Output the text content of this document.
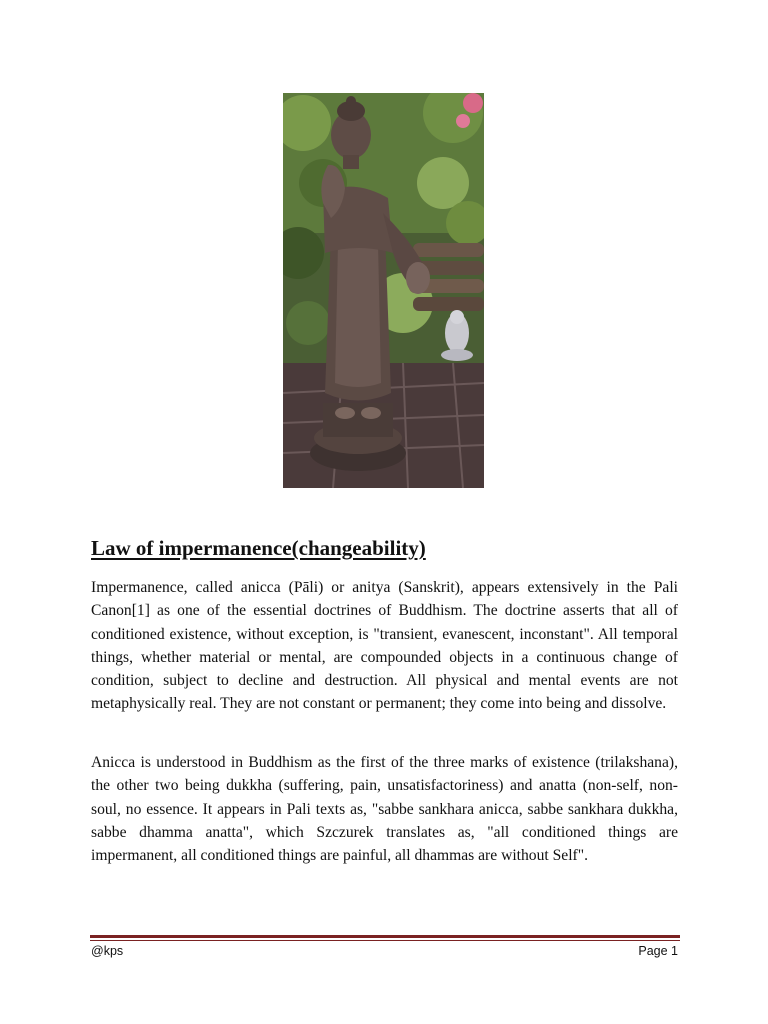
Law of impermanence(changeability)

Impermanence, called anicca (Pāli) or anitya (Sanskrit), appears extensively in the Pali Canon[1] as one of the essential doctrines of Buddhism. The doctrine asserts that all of conditioned existence, without exception, is "transient, evanescent, inconstant". All temporal things, whether material or mental, are compounded objects in a continuous change of condition, subject to decline and destruction. All physical and mental events are not metaphysically real. They are not constant or permanent; they come into being and dissolve.

Anicca is understood in Buddhism as the first of the three marks of existence (trilakshana), the other two being dukkha (suffering, pain, unsatisfactoriness) and anatta (non-self, non-soul, no essence. It appears in Pali texts as, "sabbe sankhara anicca, sabbe sankhara dukkha, sabbe dhamma anatta", which Szczurek translates as, "all conditioned things are impermanent, all conditioned things are painful, all dhammas are without Self".

@kps	Page 1
